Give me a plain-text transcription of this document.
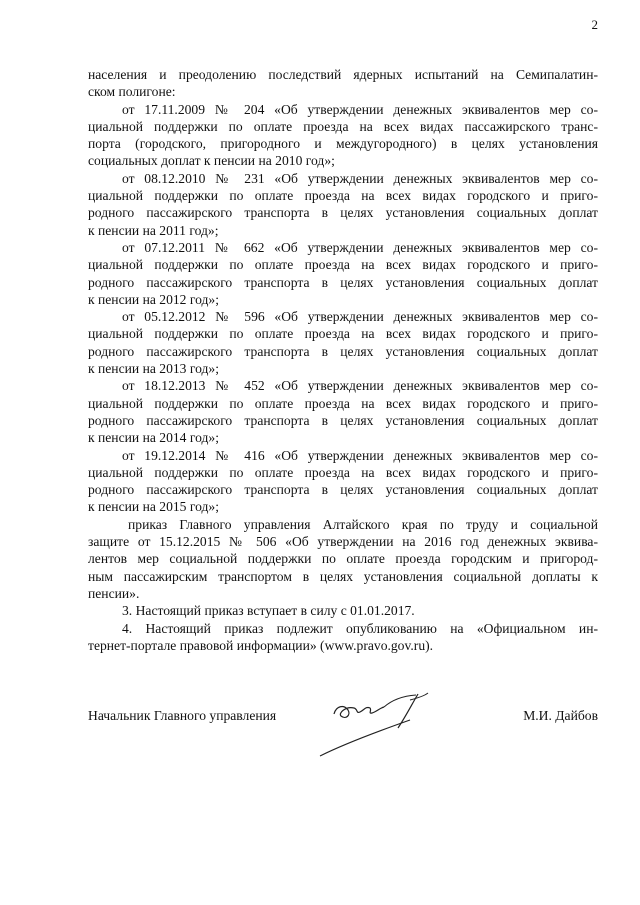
2
населения и преодолению последствий ядерных испытаний на Семипалатин-
ском полигоне:
от 17.11.2009 № 204 «Об утверждении денежных эквивалентов мер со-
циальной поддержки по оплате проезда на всех видах пассажирского транс-
порта (городского, пригородного и междугородного) в целях установления
социальных доплат к пенсии на 2010 год»;
от 08.12.2010 № 231 «Об утверждении денежных эквивалентов мер со-
циальной поддержки по оплате проезда на всех видах городского и приго-
родного пассажирского транспорта в целях установления социальных доплат
к пенсии на 2011 год»;
от 07.12.2011 № 662 «Об утверждении денежных эквивалентов мер со-
циальной поддержки по оплате проезда на всех видах городского и приго-
родного пассажирского транспорта в целях установления социальных доплат
к пенсии на 2012 год»;
от 05.12.2012 № 596 «Об утверждении денежных эквивалентов мер со-
циальной поддержки по оплате проезда на всех видах городского и приго-
родного пассажирского транспорта в целях установления социальных доплат
к пенсии на 2013 год»;
от 18.12.2013 № 452 «Об утверждении денежных эквивалентов мер со-
циальной поддержки по оплате проезда на всех видах городского и приго-
родного пассажирского транспорта в целях установления социальных доплат
к пенсии на 2014 год»;
от 19.12.2014 № 416 «Об утверждении денежных эквивалентов мер со-
циальной поддержки по оплате проезда на всех видах городского и приго-
родного пассажирского транспорта в целях установления социальных доплат
к пенсии на 2015 год»;
приказ Главного управления Алтайского края по труду и социальной
защите от 15.12.2015 № 506 «Об утверждении на 2016 год денежных эквива-
лентов мер социальной поддержки по оплате проезда городским и пригород-
ным пассажирским транспортом в целях установления социальной доплаты к
пенсии».
3. Настоящий приказ вступает в силу с 01.01.2017.
4. Настоящий приказ подлежит опубликованию на «Официальном ин-
тернет-портале правовой информации» (www.pravo.gov.ru).
Начальник Главного управления	М.И. Дайбов
